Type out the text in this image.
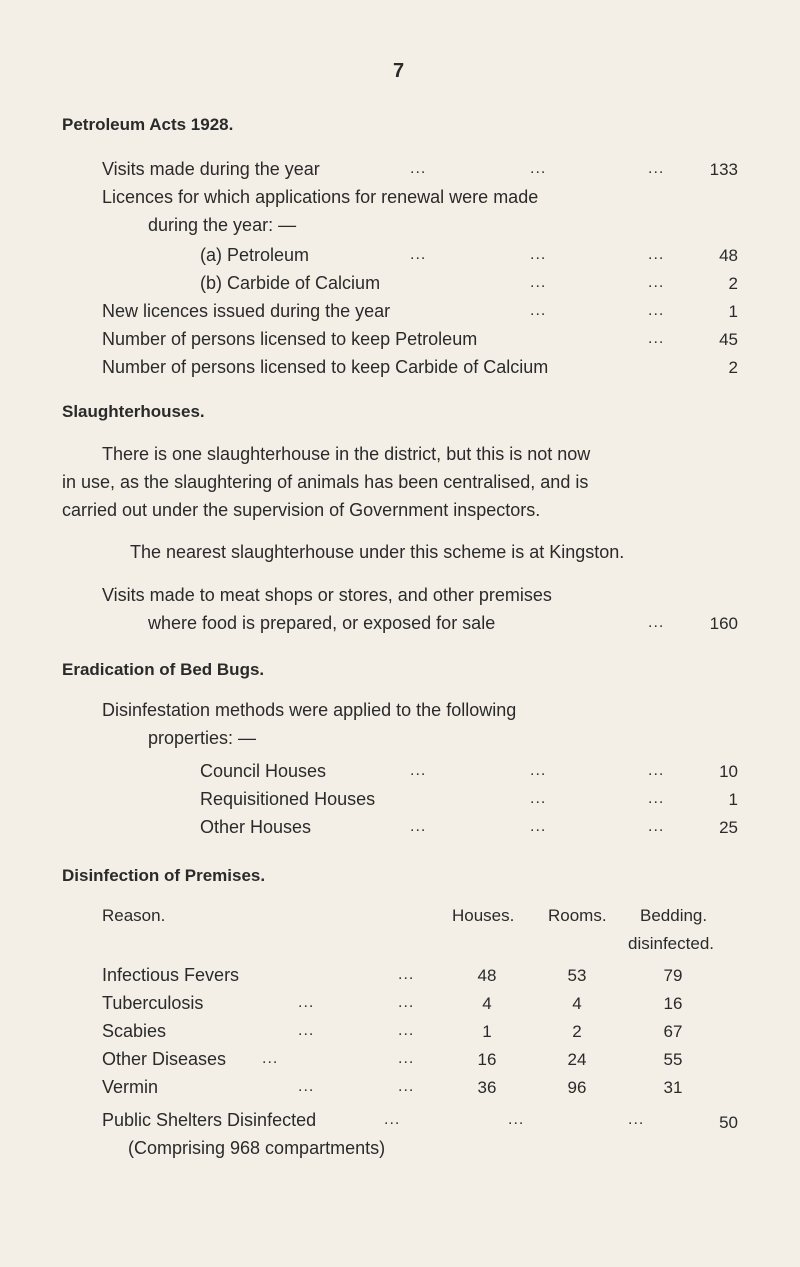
7
Petroleum Acts 1928.
Visits made during the year	...	...	...	133
Licences for which applications for renewal were made
during the year: —
(a) Petroleum	...	...	...	48
(b) Carbide of Calcium	...	...	2
New licences issued during the year	...	...	1
Number of persons licensed to keep Petroleum	...	45
Number of persons licensed to keep Carbide of Calcium	2
Slaughterhouses.
There is one slaughterhouse in the district, but this is not now
in use, as the slaughtering of animals has been centralised, and is
carried out under the supervision of Government inspectors.
The nearest slaughterhouse under this scheme is at Kingston.
Visits made to meat shops or stores, and other premises
where food is prepared, or exposed for sale	...	160
Eradication of Bed Bugs.
Disinfestation methods were applied to the following
properties: —
Council Houses	...	...	...	10
Requisitioned Houses	...	...	1
Other Houses	...	...	...	25
Disinfection of Premises.
Reason.	Houses. Rooms. Bedding.
disinfected.
Infectious Fevers	...	48	53	79
Tuberculosis	...	...	4	4	16
Scabies	...	...	1	2	67
Other Diseases ...	...	16	24	55
Vermin	...	...	36	96	31
Public Shelters Disinfected	...	...	...	50
(Comprising 968 compartments)
